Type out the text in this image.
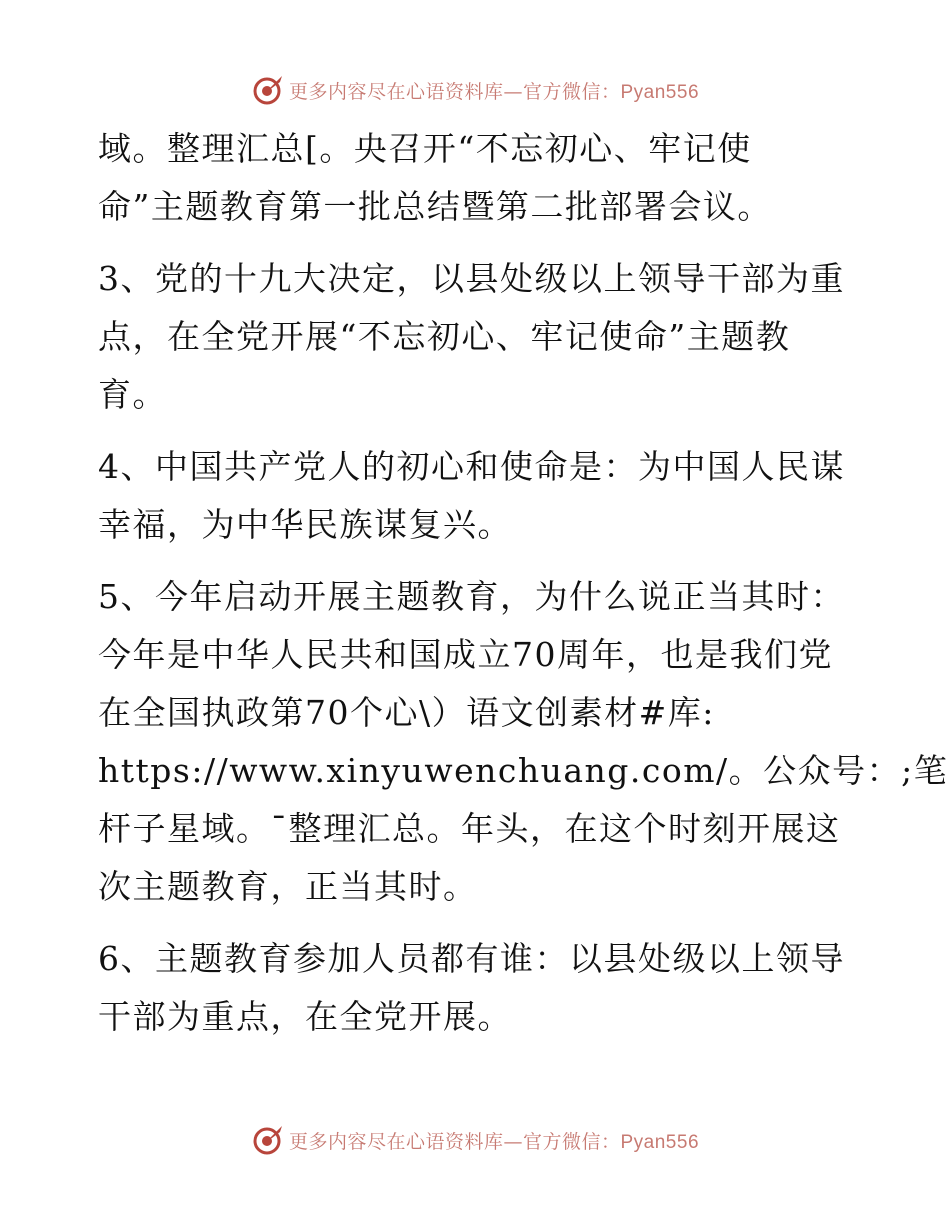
更多内容尽在心语资料库—官方微信：Pyan556
域。整理汇总[。央召开“不忘初心、牢记使
命”主题教育第一批总结暨第二批部署会议。
3、党的十九大决定，以县处级以上领导干部为重
点，在全党开展“不忘初心、牢记使命”主题教
育。
4、中国共产党人的初心和使命是：为中国人民谋
幸福，为中华民族谋复兴。
5、今年启动开展主题教育，为什么说正当其时：
今年是中华人民共和国成立70周年，也是我们党
在全国执政第70个心\）语文创素材#库:
https://www.xinyuwenchuang.com/。公众号：;笔
杆子星域。¯整理汇总。年头，在这个时刻开展这
次主题教育，正当其时。
6、主题教育参加人员都有谁：以县处级以上领导
干部为重点，在全党开展。
更多内容尽在心语资料库—官方微信：Pyan556
